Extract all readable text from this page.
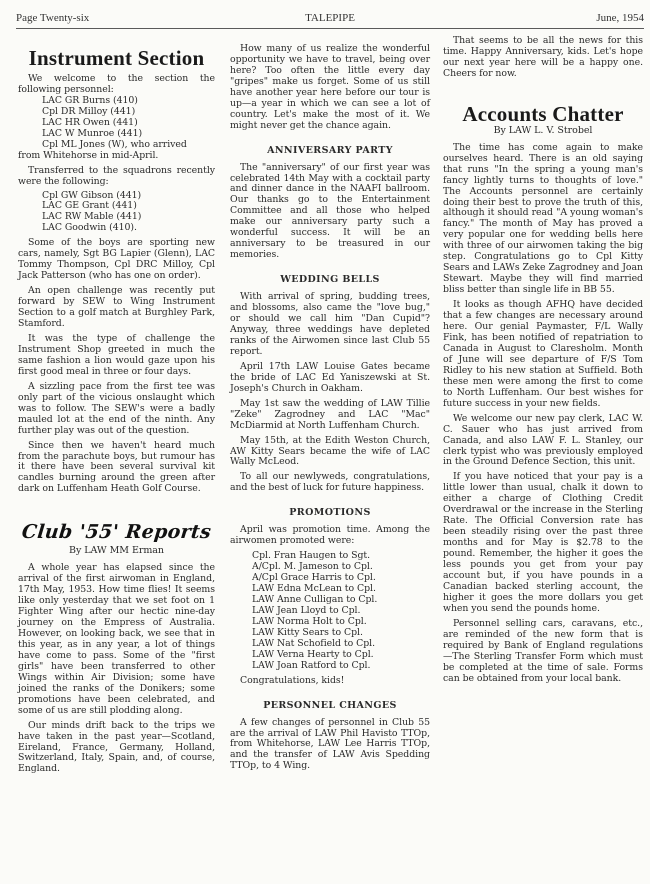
Page Twenty-six	TALEPIPE	June, 1954
Instrument Section

We welcome to the section the following personnel:

LAC GR Burns (410)
Cpl DR Milloy (441)
LAC HR Owen (441)
LAC W Munroe (441)
Cpl ML Jones (W), who arrived

from Whitehorse in mid-April.

Transferred to the squadrons recently were the following:

Cpl GW Gibson (441)
LAC GE Grant (441)
LAC RW Mable (441)
LAC Goodwin (410).

Some of the boys are sporting new cars, namely, Sgt BG Lapier (Glenn), LAC Tommy Thompson, Cpl DRC Milloy, Cpl Jack Patterson (who has one on order).

An open challenge was recently put forward by SEW to Wing Instrument Section to a golf match at Burghley Park, Stamford.

It was the type of challenge the Instrument Shop greeted in much the same fashion a lion would gaze upon his first good meal in three or four days.

A sizzling pace from the first tee was only part of the vicious onslaught which was to follow. The SEW's were a badly mauled lot at the end of the ninth. Any further play was out of the question.

Since then we haven't heard much from the parachute boys, but rumour has it there have been several survival kit candles burning around the green after dark on Luffenham Heath Golf Course.

Club '55' Reports
By LAW MM Erman

A whole year has elapsed since the arrival of the first airwoman in England, 17th May, 1953. How time flies! It seems like only yesterday that we set foot on 1 Fighter Wing after our hectic nine-day journey on the Empress of Australia. However, on looking back, we see that in this year, as in any year, a lot of things have come to pass. Some of the "first girls" have been transferred to other Wings within Air Division; some have joined the ranks of the Donikers; some promotions have been celebrated, and some of us are still plodding along.

Our minds drift back to the trips we have taken in the past year—Scotland, Eireland, France, Germany, Holland, Switzerland, Italy, Spain, and, of course, England.

How many of us realize the wonderful opportunity we have to travel, being over here? Too often the little every day "gripes" make us forget. Some of us still have another year here before our tour is up—a year in which we can see a lot of country. Let's make the most of it. We might never get the chance again.

ANNIVERSARY PARTY

The "anniversary" of our first year was celebrated 14th May with a cocktail party and dinner dance in the NAAFI ballroom. Our thanks go to the Entertainment Committee and all those who helped make our anniversary party such a wonderful success. It will be an anniversary to be treasured in our memories.

WEDDING BELLS

With arrival of spring, budding trees, and blossoms, also came the "love bug," or should we call him "Dan Cupid"? Anyway, three weddings have depleted ranks of the Airwomen since last Club 55 report.

April 17th LAW Louise Gates became the bride of LAC Ed Yaniszewski at St. Joseph's Church in Oakham.

May 1st saw the wedding of LAW Tillie "Zeke" Zagrodney and LAC "Mac" McDiarmid at North Luffenham Church.

May 15th, at the Edith Weston Church, AW Kitty Sears became the wife of LAC Wally McLeod.

To all our newlyweds, congratulations, and the best of luck for future happiness.

PROMOTIONS

April was promotion time. Among the airwomen promoted were:

Cpl. Fran Haugen to Sgt.
A/Cpl. M. Jameson to Cpl.
A/Cpl Grace Harris to Cpl.
LAW Edna McLean to Cpl.
LAW Anne Culligan to Cpl.
LAW Jean Lloyd to Cpl.
LAW Norma Holt to Cpl.
LAW Kitty Sears to Cpl.
LAW Nat Schofield to Cpl.
LAW Verna Hearty to Cpl.
LAW Joan Ratford to Cpl.

Congratulations, kids!

PERSONNEL CHANGES

A few changes of personnel in Club 55 are the arrival of LAW Phil Havisto TTOp, from Whitehorse, LAW Lee Harris TTOp, and the transfer of LAW Avis Spedding TTOp, to 4 Wing.

That seems to be all the news for this time. Happy Anniversary, kids. Let's hope our next year here will be a happy one. Cheers for now.

Accounts Chatter
By LAW L. V. Strobel

The time has come again to make ourselves heard. There is an old saying that runs "In the spring a young man's fancy lightly turns to thoughts of love." The Accounts personnel are certainly doing their best to prove the truth of this, although it should read "A young woman's fancy." The month of May has proved a very popular one for wedding bells here with three of our airwomen taking the big step. Congratulations go to Cpl Kitty Sears and LAWs Zeke Zagrodney and Joan Stewart. Maybe they will find married bliss better than single life in BB 55.

It looks as though AFHQ have decided that a few changes are necessary around here. Our genial Paymaster, F/L Wally Fink, has been notified of repatriation to Canada in August to Claresholm. Month of June will see departure of F/S Tom Ridley to his new station at Suffield. Both these men were among the first to come to North Luffenham. Our best wishes for future success in your new fields.

We welcome our new pay clerk, LAC W. C. Sauer who has just arrived from Canada, and also LAW F. L. Stanley, our clerk typist who was previously employed in the Ground Defence Section, this unit.

If you have noticed that your pay is a little lower than usual, chalk it down to either a charge of Clothing Credit Overdrawal or the increase in the Sterling Rate. The Official Conversion rate has been steadily rising over the past three months and for May is $2.78 to the pound. Remember, the higher it goes the less pounds you get from your pay account but, if you have pounds in a Canadian backed sterling account, the higher it goes the more dollars you get when you send the pounds home.

Personnel selling cars, caravans, etc., are reminded of the new form that is required by Bank of England regulations—The Sterling Transfer Form which must be completed at the time of sale. Forms can be obtained from your local bank.
